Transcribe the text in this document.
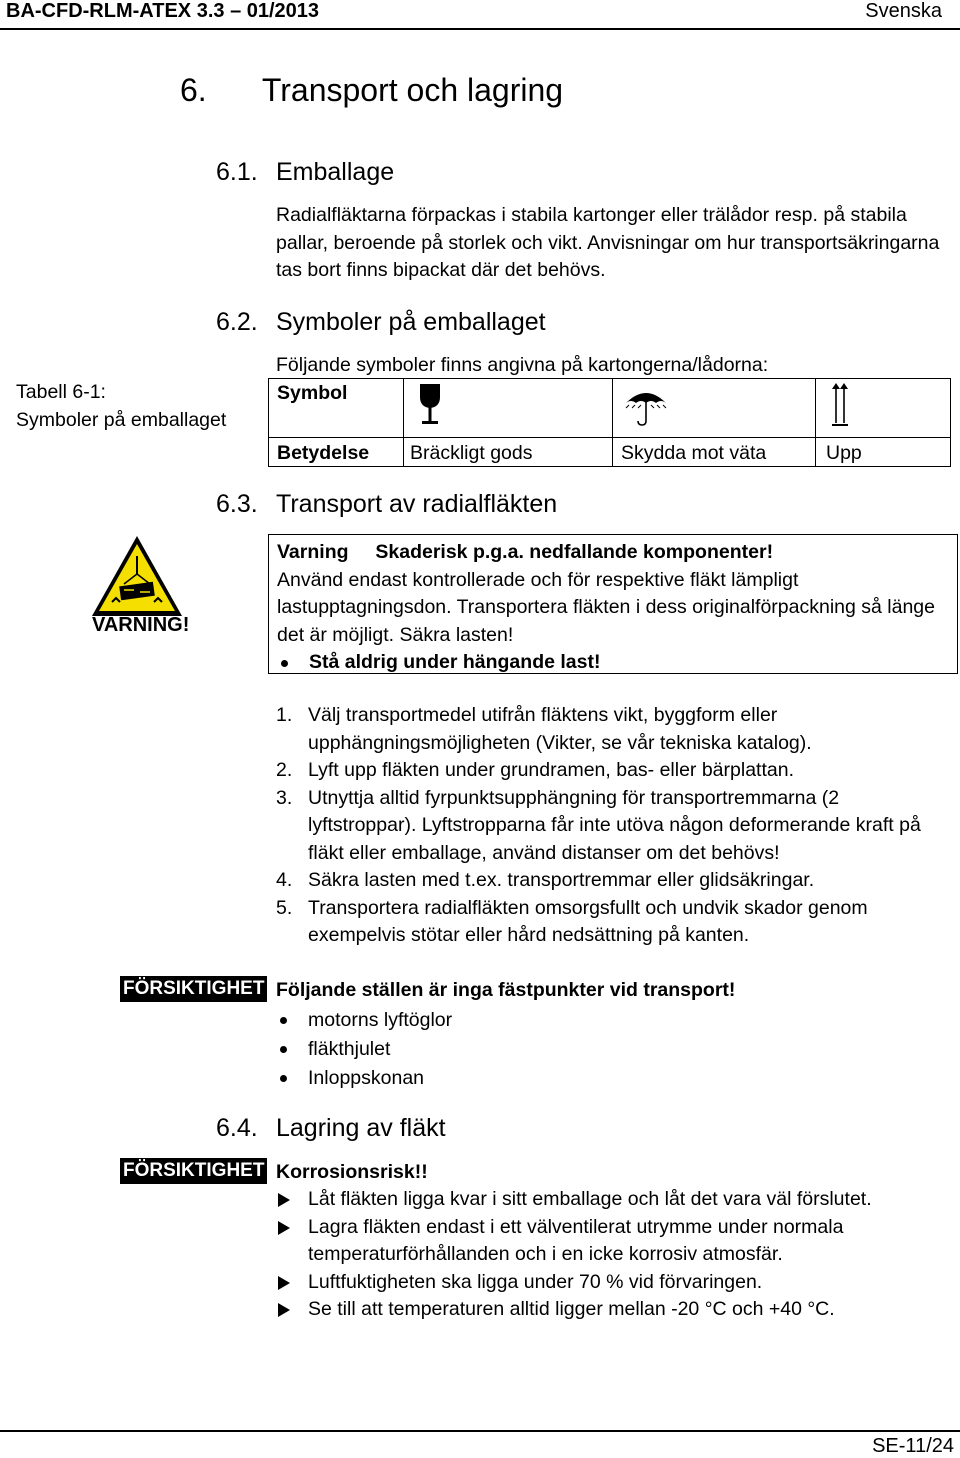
BA-CFD-RLM-ATEX 3.3 – 01/2013	Svenska
6. Transport och lagring
6.1. Emballage
Radialfläktarna förpackas i stabila kartonger eller trälådor resp. på stabila
pallar, beroende på storlek och vikt. Anvisningar om hur transportsäkringarna
tas bort finns bipackat där det behövs.
6.2. Symboler på emballaget
Följande symboler finns angivna på kartongerna/lådorna:
Tabell 6-1:
Symboler på emballaget
Symbol

Betydelse	Bräckligt gods	Skydda mot väta	Upp
6.3. Transport av radialfläkten
VARNING!
Varning Skaderisk p.g.a. nedfallande komponenter!
Använd endast kontrollerade och för respektive fläkt lämpligt
lastupptagningsdon. Transportera fläkten i dess originalförpackning så länge
det är möjligt. Säkra lasten!
Stå aldrig under hängande last!
1. Välj transportmedel utifrån fläktens vikt, byggform eller
upphängningsmöjligheten (Vikter, se vår tekniska katalog).
2. Lyft upp fläkten under grundramen, bas- eller bärplattan.
3. Utnyttja alltid fyrpunktsupphängning för transportremmarna (2
lyftstroppar). Lyftstropparna får inte utöva någon deformerande kraft på
fläkt eller emballage, använd distanser om det behövs!
4. Säkra lasten med t.ex. transportremmar eller glidsäkringar.
5. Transportera radialfläkten omsorgsfullt och undvik skador genom
exempelvis stötar eller hård nedsättning på kanten.
FÖRSIKTIGHET Följande ställen är inga fästpunkter vid transport!
motorns lyftöglor
fläkthjulet
Inloppskonan
6.4. Lagring av fläkt
FÖRSIKTIGHET Korrosionsrisk!!
Låt fläkten ligga kvar i sitt emballage och låt det vara väl förslutet.
Lagra fläkten endast i ett välventilerat utrymme under normala
temperaturförhållanden och i en icke korrosiv atmosfär.
Luftfuktigheten ska ligga under 70 % vid förvaringen.
Se till att temperaturen alltid ligger mellan -20 °C och +40 °C.
SE-11/24
